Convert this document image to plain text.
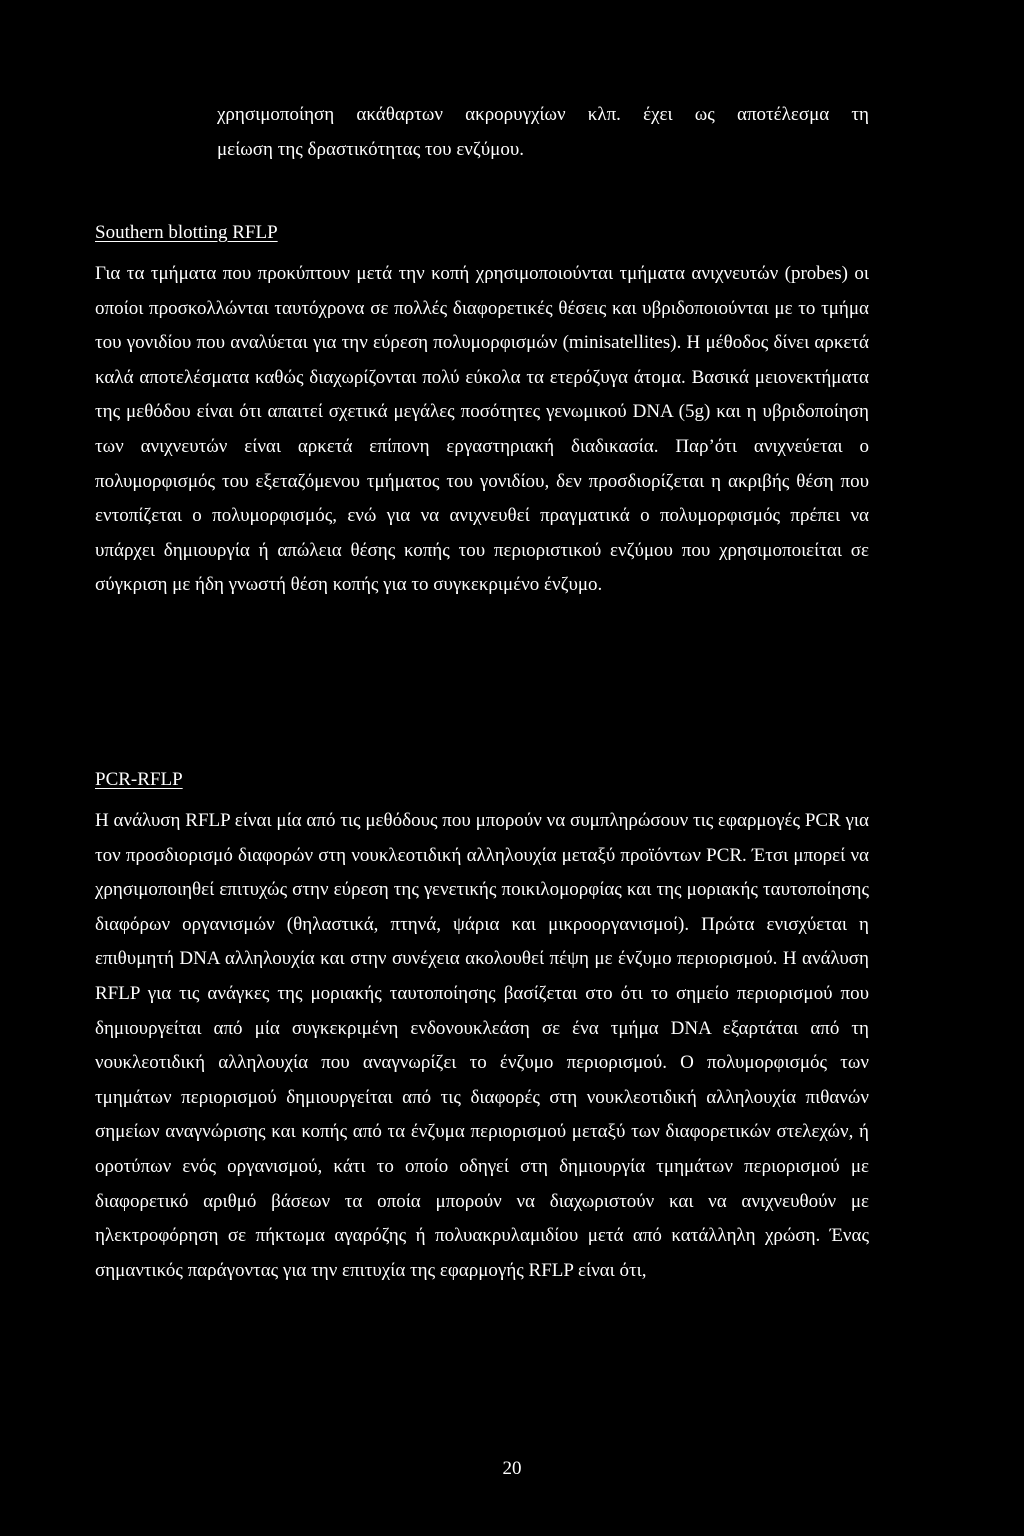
χρησιμοποίηση ακάθαρτων ακρορυγχίων κλπ. έχει ως αποτέλεσμα τη
μείωση της δραστικότητας του ενζύμου.

Southern blotting RFLP

Για τα τμήματα που προκύπτουν μετά την κοπή χρησιμοποιούνται τμήματα ανιχνευτών (probes) οι οποίοι προσκολλώνται ταυτόχρονα σε πολλές διαφορετικές θέσεις και υβριδοποιούνται με το τμήμα του γονιδίου που αναλύεται για την εύρεση πολυμορφισμών (minisatellites). Η μέθοδος δίνει αρκετά καλά αποτελέσματα καθώς διαχωρίζονται πολύ εύκολα τα ετερόζυγα άτομα. Βασικά μειονεκτήματα της μεθόδου είναι ότι απαιτεί σχετικά μεγάλες ποσότητες γενωμικού DNA (5g) και η υβριδοποίηση των ανιχνευτών είναι αρκετά επίπονη εργαστηριακή διαδικασία. Παρ’ότι ανιχνεύεται ο πολυμορφισμός του εξεταζόμενου τμήματος του γονιδίου, δεν προσδιορίζεται η ακριβής θέση που εντοπίζεται ο πολυμορφισμός, ενώ για να ανιχνευθεί πραγματικά ο πολυμορφισμός πρέπει να υπάρχει δημιουργία ή απώλεια θέσης κοπής του περιοριστικού ενζύμου που χρησιμοποιείται σε σύγκριση με ήδη γνωστή θέση κοπής για το συγκεκριμένο ένζυμο.

PCR-RFLP

Η ανάλυση RFLP είναι μία από τις μεθόδους που μπορούν να συμπληρώσουν τις εφαρμογές PCR για τον προσδιορισμό διαφορών στη νουκλεοτιδική αλληλουχία μεταξύ προϊόντων PCR. Έτσι μπορεί να χρησιμοποιηθεί επιτυχώς στην εύρεση της γενετικής ποικιλομορφίας και της μοριακής ταυτοποίησης διαφόρων οργανισμών (θηλαστικά, πτηνά, ψάρια και μικροοργανισμοί). Πρώτα ενισχύεται η επιθυμητή DNA αλληλουχία και στην συνέχεια ακολουθεί πέψη με ένζυμο περιορισμού. Η ανάλυση RFLP για τις ανάγκες της μοριακής ταυτοποίησης βασίζεται στο ότι το σημείο περιορισμού που δημιουργείται από μία συγκεκριμένη ενδονουκλεάση σε ένα τμήμα DNA εξαρτάται από τη νουκλεοτιδική αλληλουχία που αναγνωρίζει το ένζυμο περιορισμού. Ο πολυμορφισμός των τμημάτων περιορισμού δημιουργείται από τις διαφορές στη νουκλεοτιδική αλληλουχία πιθανών σημείων αναγνώρισης και κοπής από τα ένζυμα περιορισμού μεταξύ των διαφορετικών στελεχών, ή οροτύπων ενός οργανισμού, κάτι το οποίο οδηγεί στη δημιουργία τμημάτων περιορισμού με διαφορετικό αριθμό βάσεων τα οποία μπορούν να διαχωριστούν και να ανιχνευθούν με ηλεκτροφόρηση σε πήκτωμα αγαρόζης ή πολυακρυλαμιδίου μετά από κατάλληλη χρώση. Ένας σημαντικός παράγοντας για την επιτυχία της εφαρμογής RFLP είναι ότι,

20
